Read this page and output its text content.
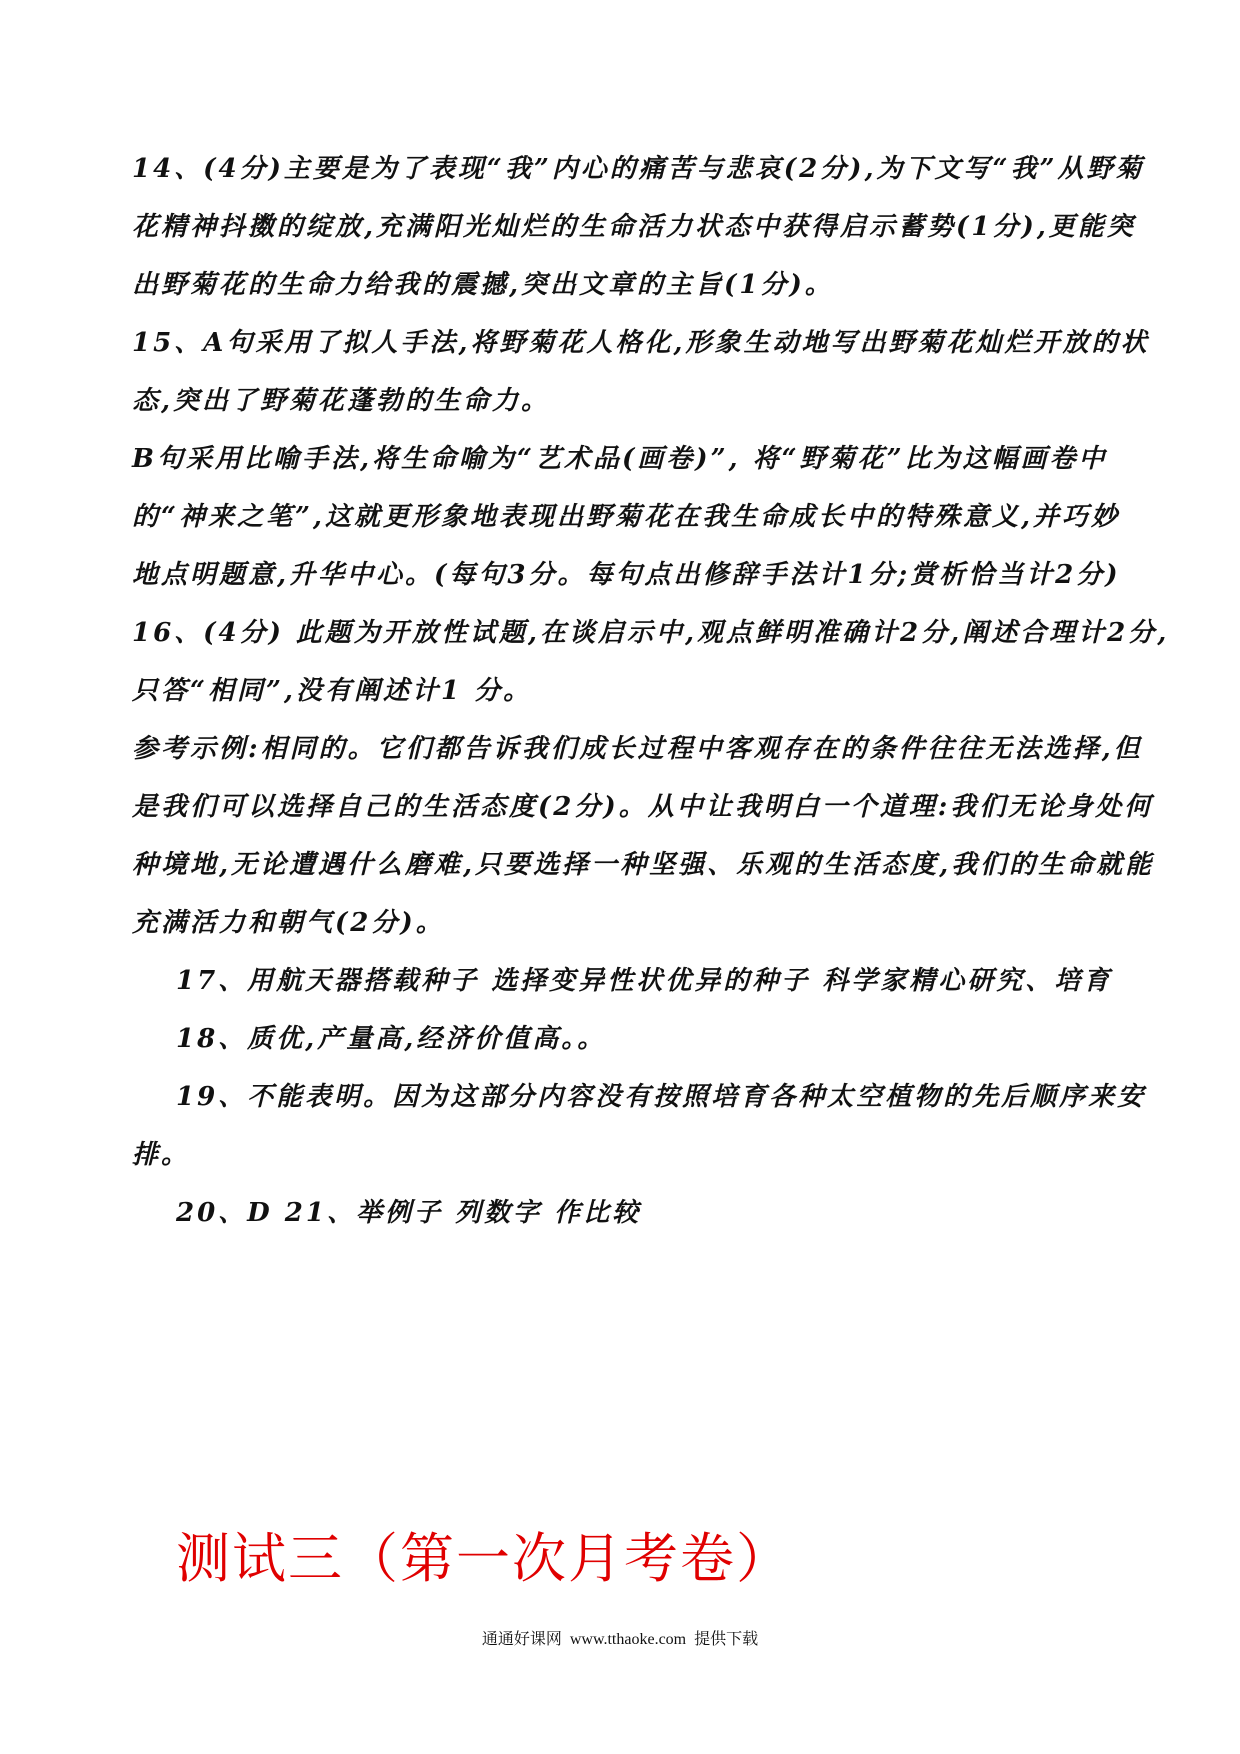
14、(4分)主要是为了表现“我”内心的痛苦与悲哀(2分),为下文写“我”从野菊
花精神抖擞的绽放,充满阳光灿烂的生命活力状态中获得启示蓄势(1分),更能突
出野菊花的生命力给我的震撼,突出文章的主旨(1分)。
15、A句采用了拟人手法,将野菊花人格化,形象生动地写出野菊花灿烂开放的状
态,突出了野菊花蓬勃的生命力。
B句采用比喻手法,将生命喻为“艺术品(画卷)”, 将“野菊花”比为这幅画卷中
的“神来之笔”,这就更形象地表现出野菊花在我生命成长中的特殊意义,并巧妙
地点明题意,升华中心。(每句3分。每句点出修辞手法计1分;赏析恰当计2分)
16、(4分) 此题为开放性试题,在谈启示中,观点鲜明准确计2分,阐述合理计2分,
只答“相同”,没有阐述计1 分。
参考示例:相同的。它们都告诉我们成长过程中客观存在的条件往往无法选择,但
是我们可以选择自己的生活态度(2分)。从中让我明白一个道理:我们无论身处何
种境地,无论遭遇什么磨难,只要选择一种坚强、乐观的生活态度,我们的生命就能
充满活力和朝气(2分)。
17、用航天器搭载种子 选择变异性状优异的种子 科学家精心研究、培育
18、质优,产量高,经济价值高。。
19、不能表明。因为这部分内容没有按照培育各种太空植物的先后顺序来安
排。
20、D 21、举例子 列数字 作比较
测试三（第一次月考卷）
通通好课网  www.tthaoke.com  提供下载
